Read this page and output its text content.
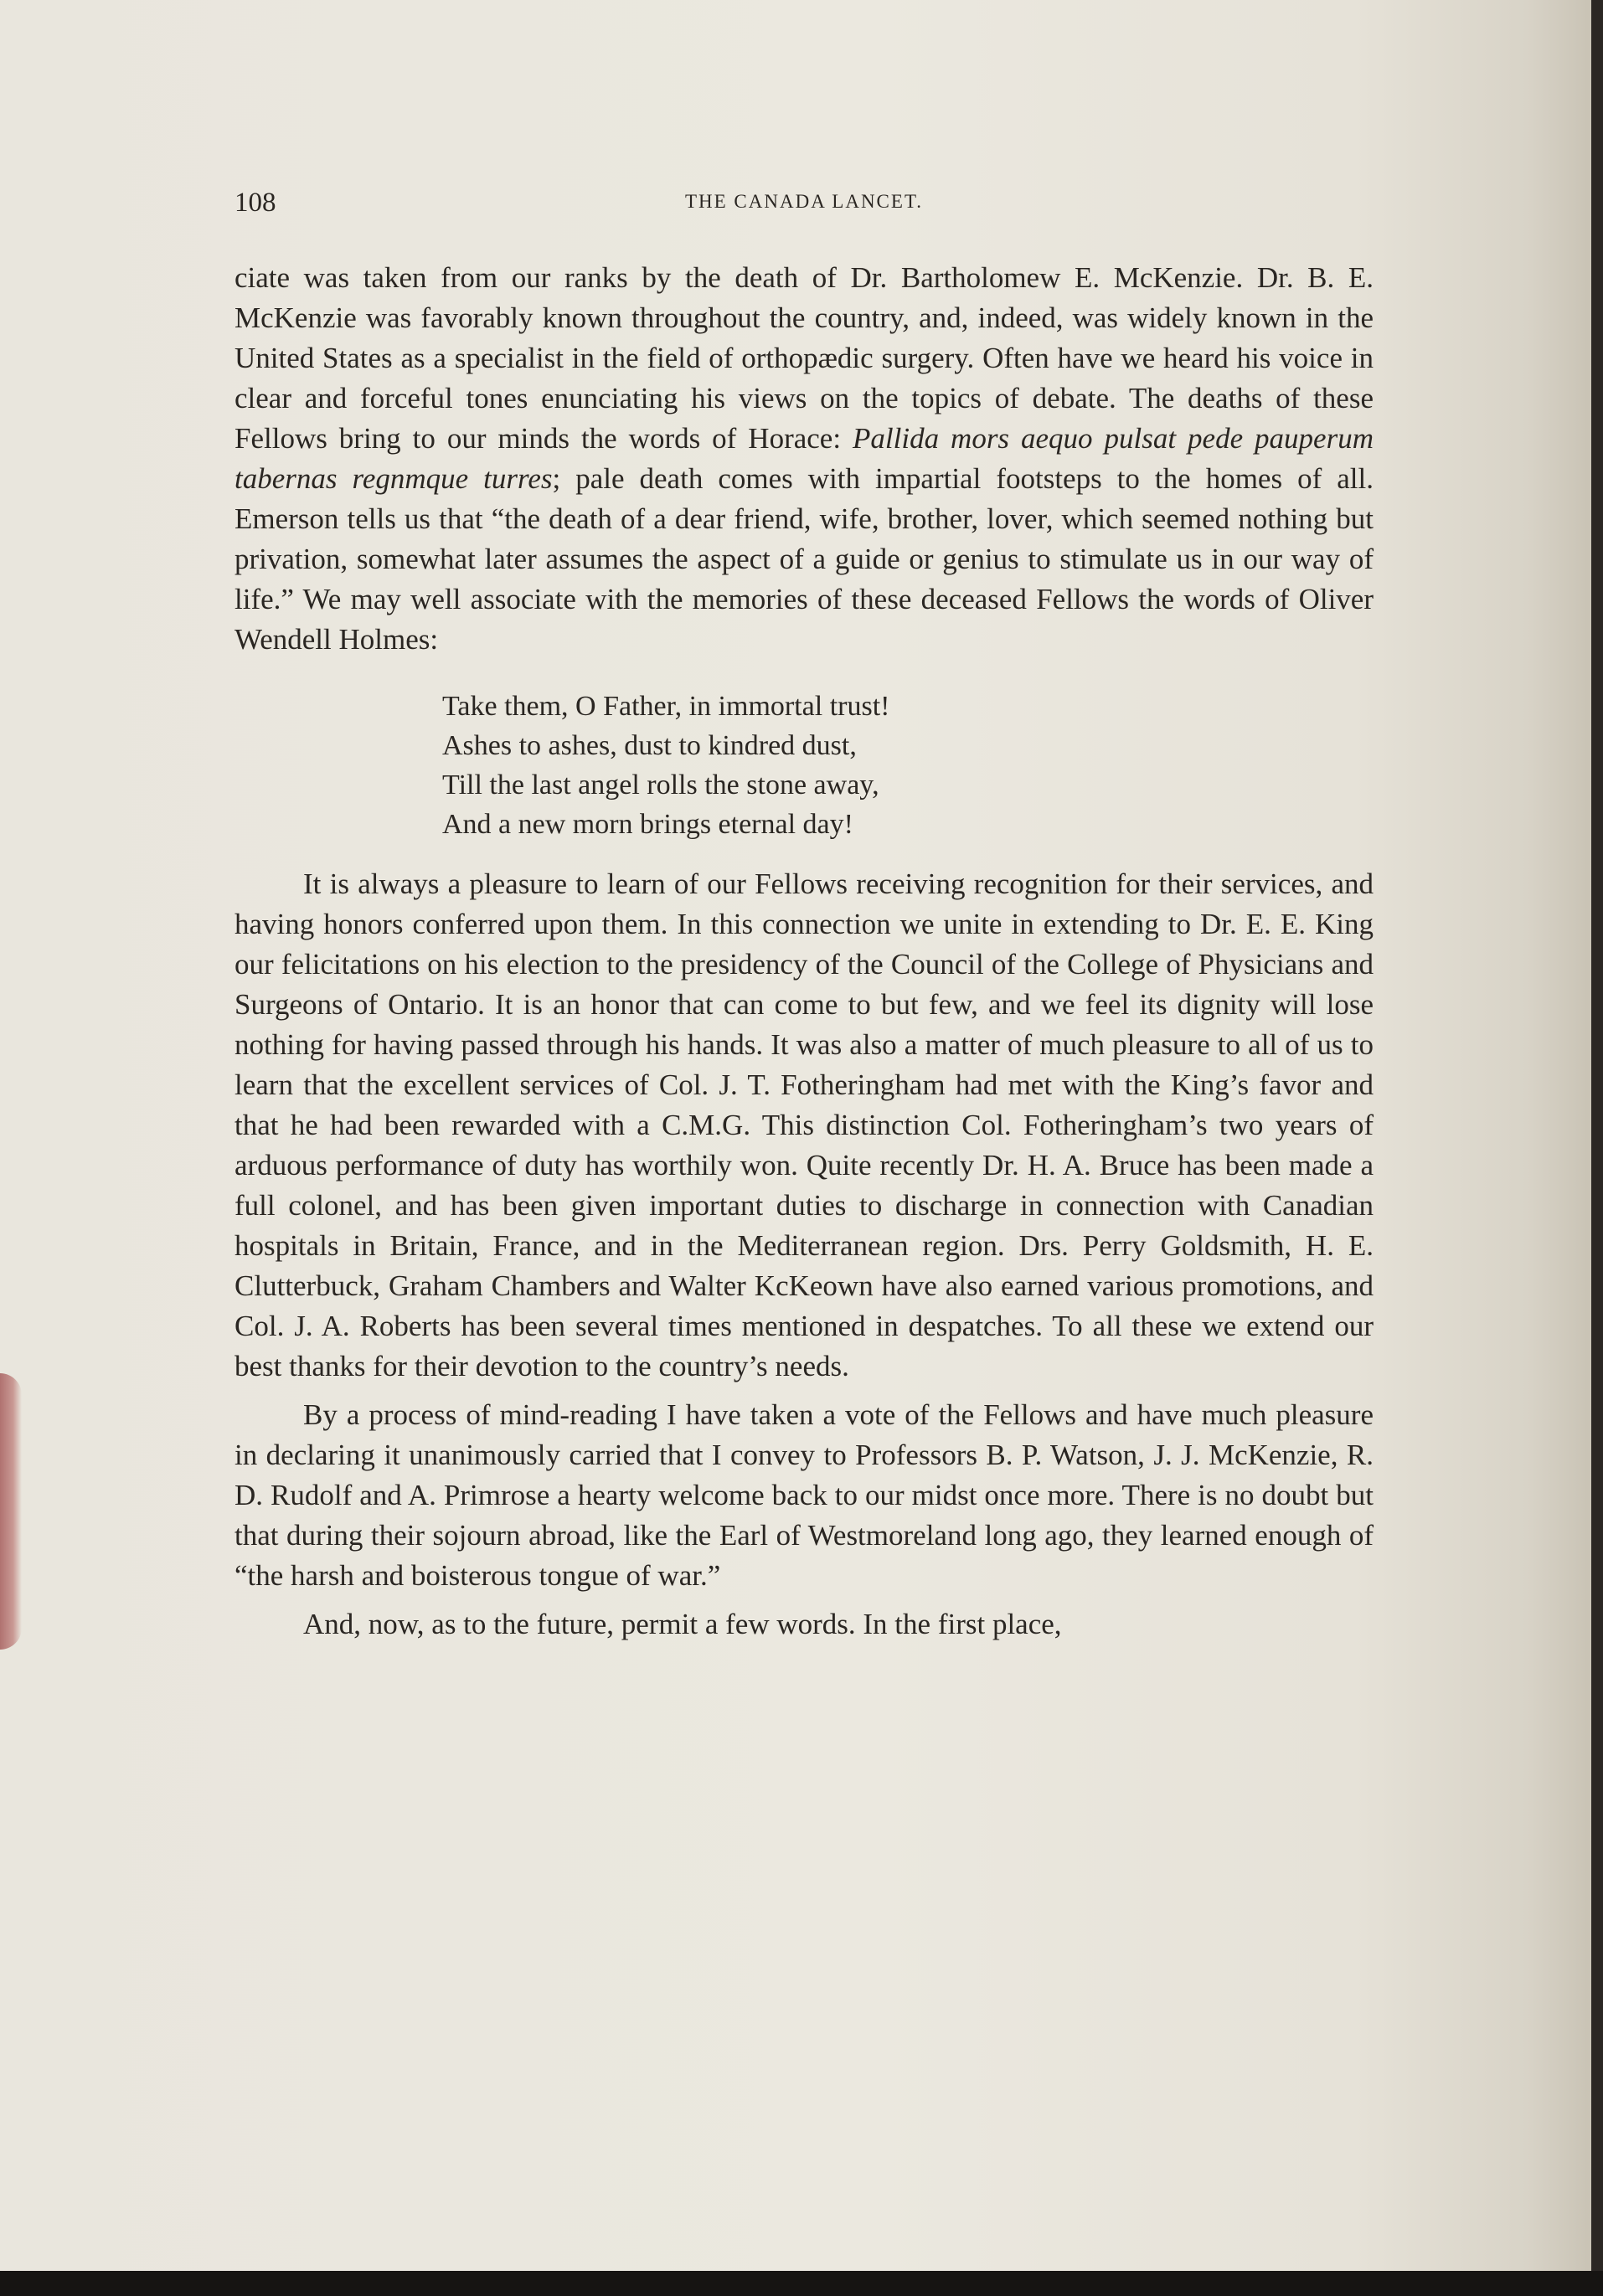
108	THE CANADA LANCET.

ciate was taken from our ranks by the death of Dr. Bartholomew E. McKenzie. Dr. B. E. McKenzie was favorably known throughout the country, and, indeed, was widely known in the United States as a specialist in the field of orthopædic surgery. Often have we heard his voice in clear and forceful tones enunciating his views on the topics of debate. The deaths of these Fellows bring to our minds the words of Horace: Pallida mors aequo pulsat pede pauperum tabernas regnmque turres; pale death comes with impartial footsteps to the homes of all. Emerson tells us that “the death of a dear friend, wife, brother, lover, which seemed nothing but privation, somewhat later assumes the aspect of a guide or genius to stimulate us in our way of life.” We may well associate with the memories of these deceased Fellows the words of Oliver Wendell Holmes:

Take them, O Father, in immortal trust!
Ashes to ashes, dust to kindred dust,
Till the last angel rolls the stone away,
And a new morn brings eternal day!

It is always a pleasure to learn of our Fellows receiving recognition for their services, and having honors conferred upon them. In this connection we unite in extending to Dr. E. E. King our felicitations on his election to the presidency of the Council of the College of Physicians and Surgeons of Ontario. It is an honor that can come to but few, and we feel its dignity will lose nothing for having passed through his hands. It was also a matter of much pleasure to all of us to learn that the excellent services of Col. J. T. Fotheringham had met with the King’s favor and that he had been rewarded with a C.M.G. This distinction Col. Fotheringham’s two years of arduous performance of duty has worthily won. Quite recently Dr. H. A. Bruce has been made a full colonel, and has been given important duties to discharge in connection with Canadian hospitals in Britain, France, and in the Mediterranean region. Drs. Perry Goldsmith, H. E. Clutterbuck, Graham Chambers and Walter KcKeown have also earned various promotions, and Col. J. A. Roberts has been several times mentioned in despatches. To all these we extend our best thanks for their devotion to the country’s needs.

By a process of mind-reading I have taken a vote of the Fellows and have much pleasure in declaring it unanimously carried that I convey to Professors B. P. Watson, J. J. McKenzie, R. D. Rudolf and A. Primrose a hearty welcome back to our midst once more. There is no doubt but that during their sojourn abroad, like the Earl of Westmoreland long ago, they learned enough of “the harsh and boisterous tongue of war.”

And, now, as to the future, permit a few words. In the first place,
